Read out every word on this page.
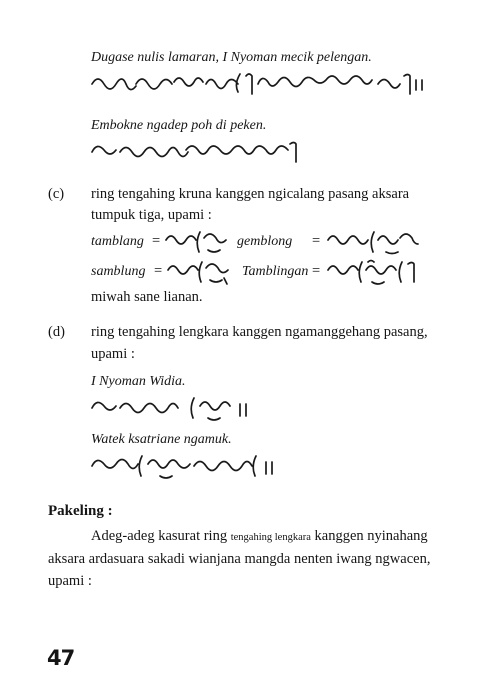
Dugase nulis lamaran, I Nyoman mecik pelengan.
Embokne ngadep poh di peken.
(c) ring tengahing kruna kanggen ngicalang pasang aksara
tumpuk tiga, upami :
tamblang =	gemblong =
samblung =	Tamblingan =
miwah sane lianan.
(d) ring tengahing lengkara kanggen ngamanggehang pasang,
upami :
I Nyoman Widia.
Watek ksatriane ngamuk.
Pakeling :
Adeg-adeg kasurat ring tengahing lengkara kanggen nyinahang
aksara ardasuara sakadi wianjana mangda nenten iwang ngwacen,
upami :
47
